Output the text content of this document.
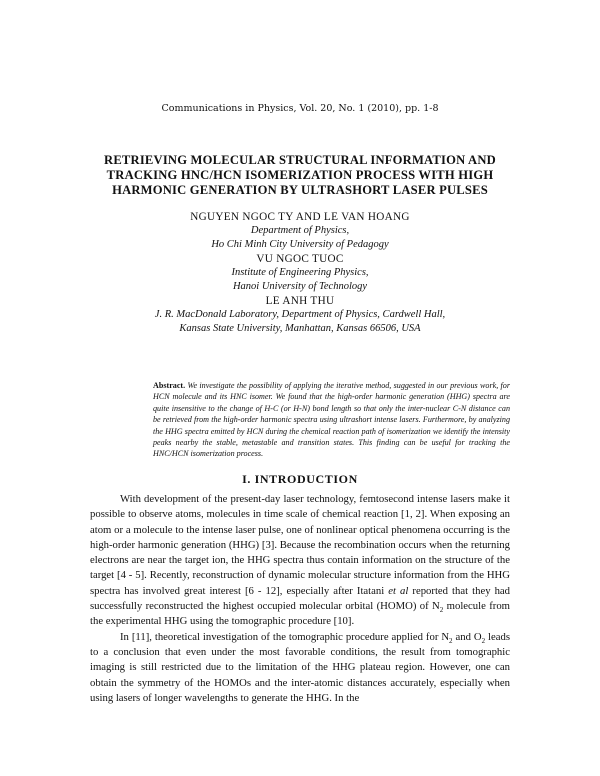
Communications in Physics, Vol. 20, No. 1 (2010), pp. 1-8
RETRIEVING MOLECULAR STRUCTURAL INFORMATION AND
TRACKING HNC/HCN ISOMERIZATION PROCESS WITH HIGH
HARMONIC GENERATION BY ULTRASHORT LASER PULSES
NGUYEN NGOC TY AND LE VAN HOANG
Department of Physics,
Ho Chi Minh City University of Pedagogy
VU NGOC TUOC
Institute of Engineering Physics,
Hanoi University of Technology
LE ANH THU
J. R. MacDonald Laboratory, Department of Physics, Cardwell Hall,
Kansas State University, Manhattan, Kansas 66506, USA
Abstract. We investigate the possibility of applying the iterative method, suggested in our previous work, for HCN molecule and its HNC isomer. We found that the high-order harmonic generation (HHG) spectra are quite insensitive to the change of H-C (or H-N) bond length so that only the inter-nuclear C-N distance can be retrieved from the high-order harmonic spectra using ultrashort intense lasers. Furthermore, by analyzing the HHG spectra emitted by HCN during the chemical reaction path of isomerization we identify the intensity peaks nearby the stable, metastable and transition states. This finding can be useful for tracking the HNC/HCN isomerization process.
I. INTRODUCTION

With development of the present-day laser technology, femtosecond intense lasers make it possible to observe atoms, molecules in time scale of chemical reaction [1, 2]. When exposing an atom or a molecule to the intense laser pulse, one of nonlinear optical phenomena occurring is the high-order harmonic generation (HHG) [3]. Because the recombination occurs when the returning electrons are near the target ion, the HHG spectra thus contain information on the structure of the target [4 - 5]. Recently, reconstruction of dynamic molecular structure information from the HHG spectra has involved great interest [6 - 12], especially after Itatani et al reported that they had successfully reconstructed the highest occupied molecular orbital (HOMO) of $N_2$ molecule from the experimental HHG using the tomographic procedure [10].

In [11], theoretical investigation of the tomographic procedure applied for $N_2$ and $O_2$ leads to a conclusion that even under the most favorable conditions, the result from tomographic imaging is still restricted due to the limitation of the HHG plateau region. However, one can obtain the symmetry of the HOMOs and the inter-atomic distances accurately, especially when using lasers of longer wavelengths to generate the HHG. In the
